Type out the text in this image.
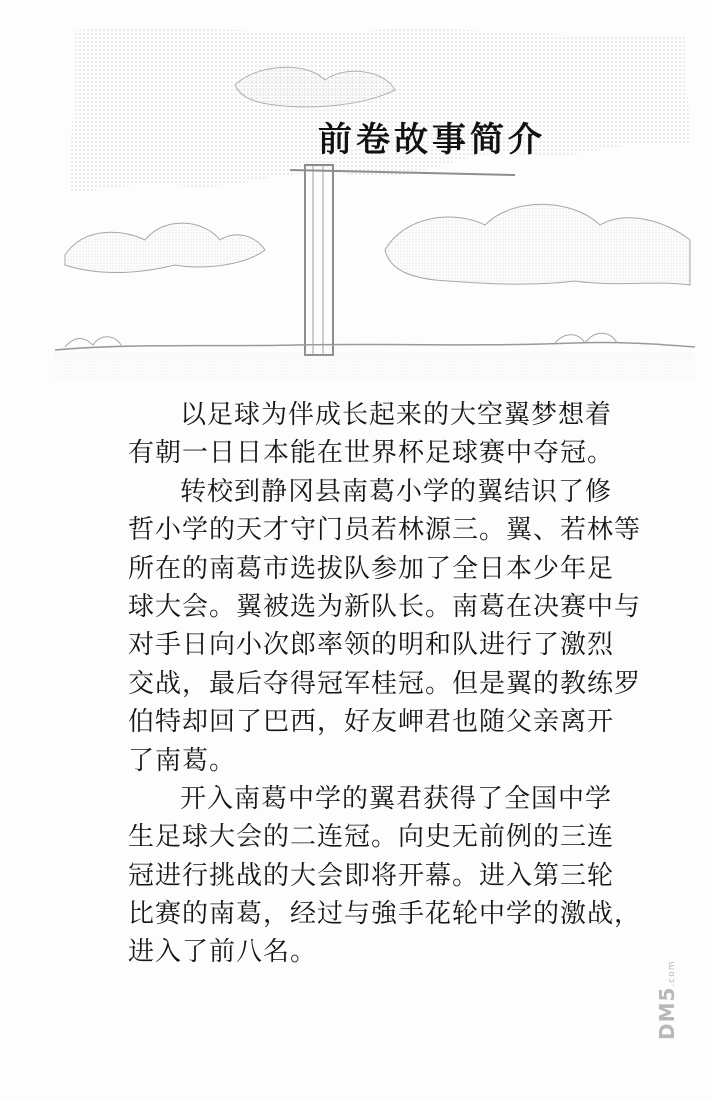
前卷故事简介
以足球为伴成长起来的大空翼梦想着
有朝一日日本能在世界杯足球赛中夺冠。
转校到静冈县南葛小学的翼结识了修
哲小学的天才守门员若林源三。翼、若林等
所在的南葛市选拔队参加了全日本少年足
球大会。翼被选为新队长。南葛在决赛中与
对手日向小次郎率领的明和队进行了激烈
交战，最后夺得冠军桂冠。但是翼的教练罗
伯特却回了巴西，好友岬君也随父亲离开
了南葛。
开入南葛中学的翼君获得了全国中学
生足球大会的二连冠。向史无前例的三连
冠进行挑战的大会即将开幕。进入第三轮
比赛的南葛，经过与強手花轮中学的激战，
进入了前八名。
DM5.com
